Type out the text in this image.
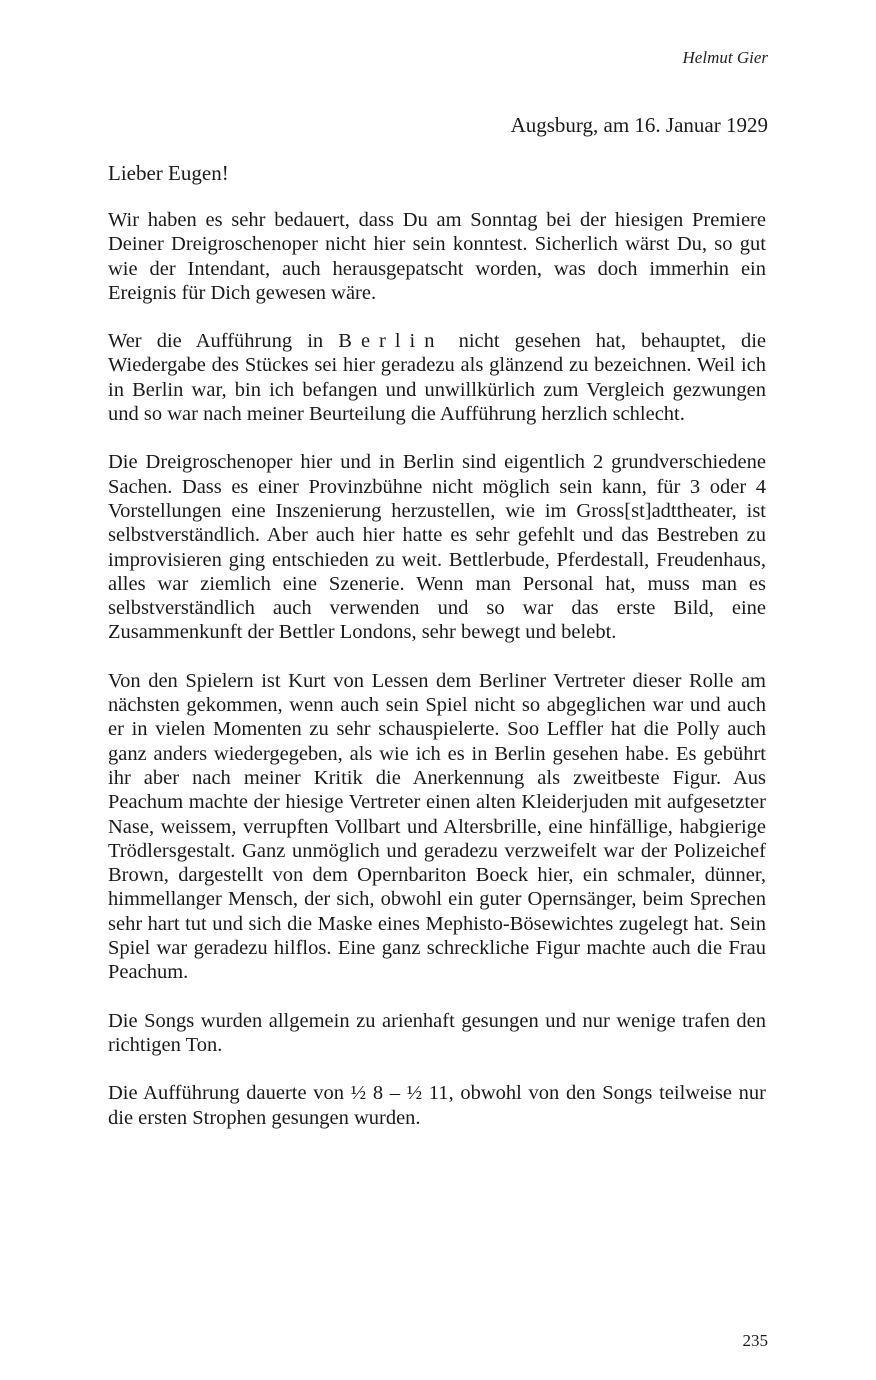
Helmut Gier
Augsburg, am 16. Januar 1929
Lieber Eugen!

Wir haben es sehr bedauert, dass Du am Sonntag bei der hiesigen Premiere Deiner Dreigroschenoper nicht hier sein konntest. Sicherlich wärst Du, so gut wie der Intendant, auch herausgepatscht worden, was doch immerhin ein Ereignis für Dich gewesen wäre.

Wer die Aufführung in Berlin nicht gesehen hat, behauptet, die Wiedergabe des Stückes sei hier geradezu als glänzend zu bezeichnen. Weil ich in Berlin war, bin ich befangen und unwillkürlich zum Vergleich gezwungen und so war nach meiner Beurteilung die Aufführung herzlich schlecht.

Die Dreigroschenoper hier und in Berlin sind eigentlich 2 grundverschiedene Sachen. Dass es einer Provinzbühne nicht möglich sein kann, für 3 oder 4 Vorstellungen eine Inszenierung herzustellen, wie im Gross[st]adttheater, ist selbstverständlich. Aber auch hier hatte es sehr gefehlt und das Bestreben zu improvisieren ging entschieden zu weit. Bettlerbude, Pferdestall, Freudenhaus, alles war ziemlich eine Szenerie. Wenn man Personal hat, muss man es selbstverständlich auch verwenden und so war das erste Bild, eine Zusammenkunft der Bettler Londons, sehr bewegt und belebt.

Von den Spielern ist Kurt von Lessen dem Berliner Vertreter dieser Rolle am nächsten gekommen, wenn auch sein Spiel nicht so abgeglichen war und auch er in vielen Momenten zu sehr schauspielerte. Soo Leffler hat die Polly auch ganz anders wiedergegeben, als wie ich es in Berlin gesehen habe. Es gebührt ihr aber nach meiner Kritik die Anerkennung als zweitbeste Figur. Aus Peachum machte der hiesige Vertreter einen alten Kleiderjuden mit aufgesetzter Nase, weissem, verrupften Vollbart und Altersbrille, eine hinfällige, habgierige Trödlersgestalt. Ganz unmöglich und geradezu verzweifelt war der Polizeichef Brown, dargestellt von dem Opernbariton Boeck hier, ein schmaler, dünner, himmellanger Mensch, der sich, obwohl ein guter Opernsänger, beim Sprechen sehr hart tut und sich die Maske eines Mephisto-Bösewichtes zugelegt hat. Sein Spiel war geradezu hilflos. Eine ganz schreckliche Figur machte auch die Frau Peachum.

Die Songs wurden allgemein zu arienhaft gesungen und nur wenige trafen den richtigen Ton.

Die Aufführung dauerte von ½ 8 – ½ 11, obwohl von den Songs teilweise nur die ersten Strophen gesungen wurden.

235
